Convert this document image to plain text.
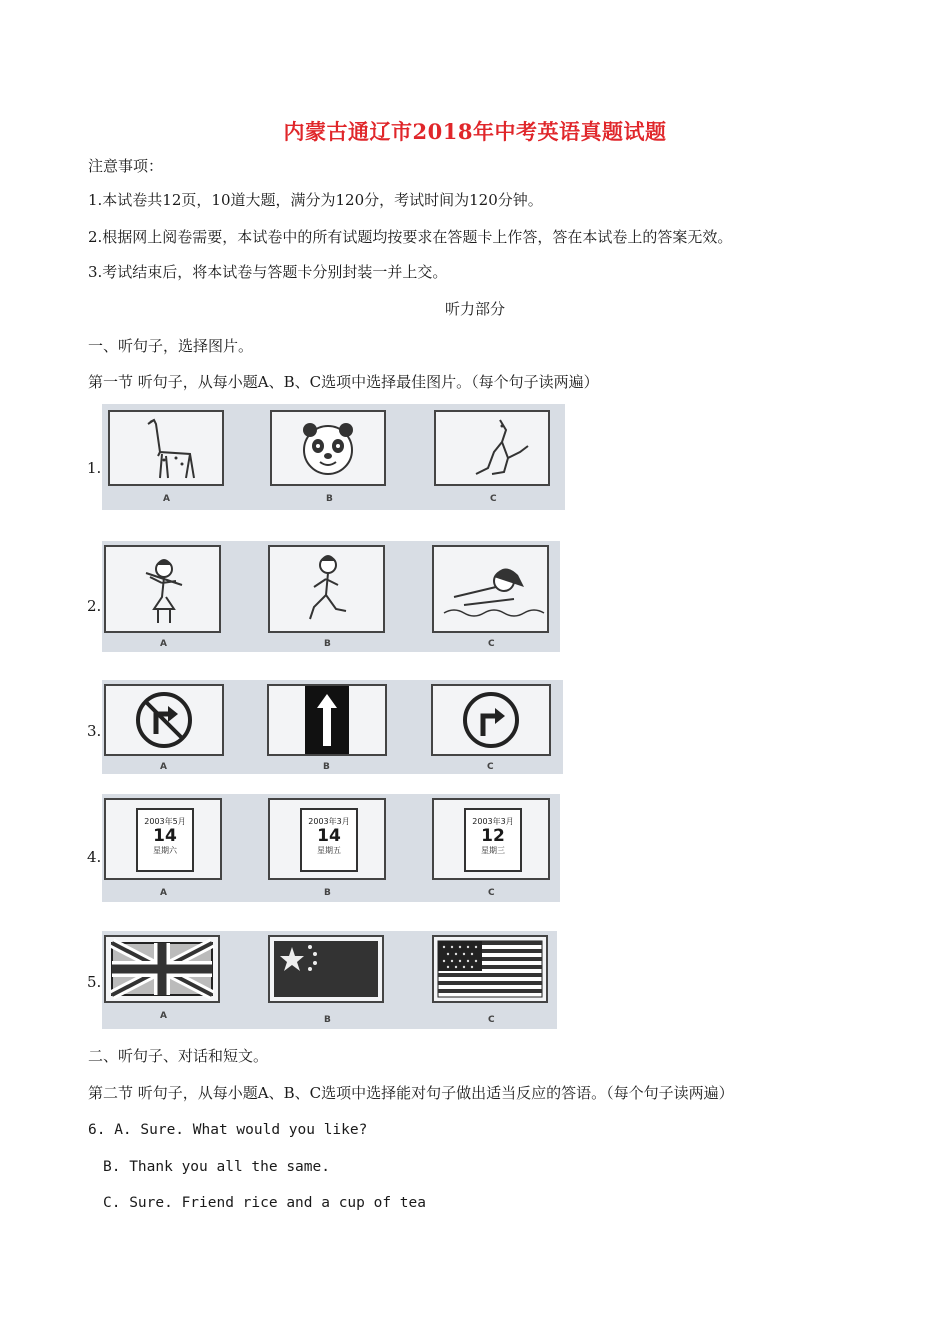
内蒙古通辽市2018年中考英语真题试题
注意事项：
1.本试卷共12页，10道大题，满分为120分，考试时间为120分钟。
2.根据网上阅卷需要，本试卷中的所有试题均按要求在答题卡上作答，答在本试卷上的答案无效。
3.考试结束后，将本试卷与答题卡分别封装一并上交。
听力部分
一、听句子，选择图片。
第一节 听句子，从每小题A、B、C选项中选择最佳图片。（每个句子读两遍）
1.
A	B	C
2.
A	B	C
3.
A	B	C
4.
2003年5月
14
星期六
2003年3月
14
星期五
2003年3月
12
星期三
A	B	C
5.
A	B	C
二、听句子、对话和短文。
第二节 听句子，从每小题A、B、C选项中选择能对句子做出适当反应的答语。（每个句子读两遍）
6. A. Sure. What would you like?
B. Thank you all the same.
C. Sure. Friend rice and a cup of tea
